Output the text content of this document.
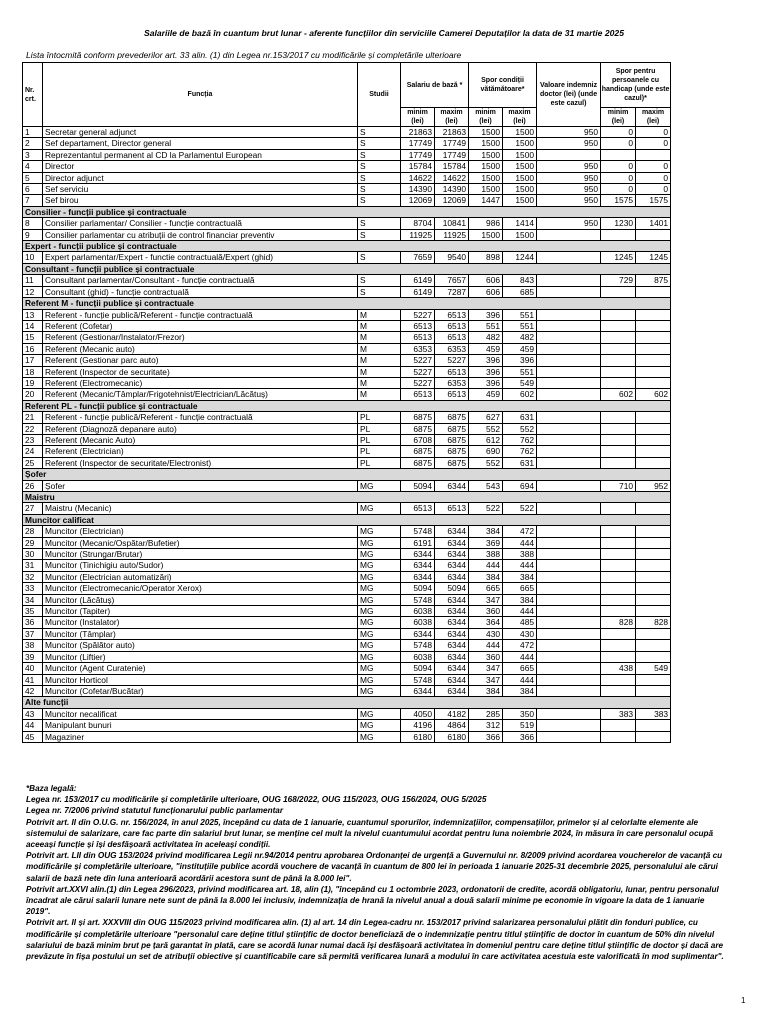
Salariile de bază în cuantum brut lunar - aferente funcțiilor din serviciile Camerei Deputaților la data de 31 martie 2025
Lista întocmită conform prevederilor art. 33 alin. (1) din Legea nr.153/2017 cu modificările și completările ulterioare
Nr. crt.	Funcția	Studii	Salariu de bază *		Spor condiții vătămătoare*		Valoare indemniz doctor (lei) (unde este cazul)	Spor pentru persoanele cu handicap (unde este cazul)*	
			minim (lei)	maxim (lei)	minim (lei)	maxim (lei)		minim (lei)	maxim (lei)
1	Secretar general adjunct	S	21863	21863	1500	1500	950	0	0
2	Sef departament, Director general	S	17749	17749	1500	1500	950	0	0
3	Reprezentantul permanent al CD la Parlamentul European	S	17749	17749	1500	1500			
4	Director	S	15784	15784	1500	1500	950	0	0
5	Director adjunct	S	14622	14622	1500	1500	950	0	0
6	Sef serviciu	S	14390	14390	1500	1500	950	0	0
7	Sef birou	S	12069	12069	1447	1500	950	1575	1575
Consilier - funcții publice și contractuale									
8	Consilier parlamentar/ Consilier - funcție contractuală	S	8704	10841	986	1414	950	1230	1401
9	Consilier parlamentar cu atribuții de control financiar preventiv	S	11925	11925	1500	1500			
Expert - funcții publice și contractuale									
10	Expert parlamentar/Expert - functie contractuală/Expert (ghid)	S	7659	9540	898	1244		1245	1245
Consultant - funcții publice și contractuale									
11	Consultant parlamentar/Consultant - funcție contractuală	S	6149	7657	606	843		729	875
12	Consultant (ghid) - funcție contractuală	S	6149	7287	606	685			
Referent M - funcții publice și contractuale									
13	Referent - funcție publică/Referent - funcție contractuală	M	5227	6513	396	551			
14	Referent (Cofetar)	M	6513	6513	551	551			
15	Referent (Gestionar/Instalator/Frezor)	M	6513	6513	482	482			
16	Referent (Mecanic auto)	M	6353	6353	459	459			
17	Referent (Gestionar parc auto)	M	5227	5227	396	396			
18	Referent (Inspector de securitate)	M	5227	6513	396	551			
19	Referent (Electromecanic)	M	5227	6353	396	549			
20	Referent (Mecanic/Tâmplar/Frigotehnist/Electrician/Lăcătuș)	M	6513	6513	459	602		602	602
Referent PL - funcții publice și contractuale									
21	Referent - funcție publică/Referent - funcție contractuală	PL	6875	6875	627	631			
22	Referent (Diagnoză depanare auto)	PL	6875	6875	552	552			
23	Referent (Mecanic Auto)	PL	6708	6875	612	762			
24	Referent (Electrician)	PL	6875	6875	690	762			
25	Referent (Inspector de securitate/Electronist)	PL	6875	6875	552	631			
Șofer									
26	Șofer	MG	5094	6344	543	694		710	952
Maistru									
27	Maistru (Mecanic)	MG	6513	6513	522	522			
Muncitor calificat									
28	Muncitor (Electrician)	MG	5748	6344	384	472			
29	Muncitor (Mecanic/Ospătar/Bufetier)	MG	6191	6344	369	444			
30	Muncitor (Strungar/Brutar)	MG	6344	6344	388	388			
31	Muncitor (Tinichigiu auto/Sudor)	MG	6344	6344	444	444			
32	Muncitor (Electrician automatizări)	MG	6344	6344	384	384			
33	Muncitor (Electromecanic/Operator Xerox)	MG	5094	5094	665	665			
34	Muncitor (Lăcătuș)	MG	5748	6344	347	384			
35	Muncitor (Tapiter)	MG	6038	6344	360	444			
36	Muncitor (Instalator)	MG	6038	6344	364	485		828	828
37	Muncitor (Tâmplar)	MG	6344	6344	430	430			
38	Muncitor (Spălător auto)	MG	5748	6344	444	472			
39	Muncitor (Liftier)	MG	6038	6344	360	444			
40	Muncitor (Agent Curatenie)	MG	5094	6344	347	665		438	549
41	Muncitor Horticol	MG	5748	6344	347	444			
42	Muncitor (Cofetar/Bucătar)	MG	6344	6344	384	384			
Alte funcții									
43	Muncitor necalificat	MG	4050	4182	285	350		383	383
44	Manipulant bunuri	MG	4196	4864	312	519			
45	Magaziner	MG	6180	6180	366	366			

*Baza legală:

Legea nr. 153/2017 cu modificările și completările ulterioare, OUG 168/2022, OUG 115/2023, OUG 156/2024, OUG 5/2025

Legea nr. 7/2006 privind statutul funcționarului public parlamentar

Potrivit art. II din O.U.G. nr. 156/2024, în anul 2025, începând cu data de 1 ianuarie, cuantumul sporurilor, indemnizațiilor, compensațiilor, primelor și al celorlalte elemente ale sistemului de salarizare, care fac parte din salariul brut lunar, se menține cel mult la nivelul cuantumului acordat pentru luna noiembrie 2024, în măsura în care personalul ocupă aceeași funcție și își desfășoară activitatea în aceleași condiții.

Potrivit art. LII din OUG 153/2024 privind modificarea Legii nr.94/2014 pentru aprobarea Ordonanței de urgență a Guvernului nr. 8/2009 privind acordarea voucherelor de vacanță cu modificările și completările ulterioare, "instituțiile publice acordă vouchere de vacanță în cuantum de 800 lei în perioada 1 ianuarie 2025-31 decembrie 2025, personalului ale cărui salarii de bază nete din luna anterioară acordării acestora sunt de până la 8.000 lei".

Potrivit art.XXVI alin.(1) din Legea 296/2023, privind modificarea art. 18, alin (1), "începând cu 1 octombrie 2023, ordonatorii de credite, acordă obligatoriu, lunar, pentru personalul încadrat ale cărui salarii lunare nete sunt de până la 8.000 lei inclusiv, indemnizația de hrană la nivelul anual a două salarii minime pe economie în vigoare la data de 1 ianuarie 2019".

Potrivit art. II și art. XXXVIII din OUG 115/2023 privind modificarea alin. (1) al art. 14 din Legea-cadru nr. 153/2017 privind salarizarea personalului plătit din fonduri publice, cu modificările și completările ulterioare "personalul care deține titlul științific de doctor beneficiază de o indemnizație pentru titlul științific de doctor în cuantum de 50% din nivelul salariului de bază minim brut pe țară garantat în plată, care se acordă lunar numai dacă își desfășoară activitatea în domeniul pentru care deține titlul științific de doctor și dacă are prevăzute în fișa postului un set de atribuții obiective și cuantificabile care să permită verificarea lunară a modului în care activitatea acestuia este valorificată în mod suplimentar".

1
